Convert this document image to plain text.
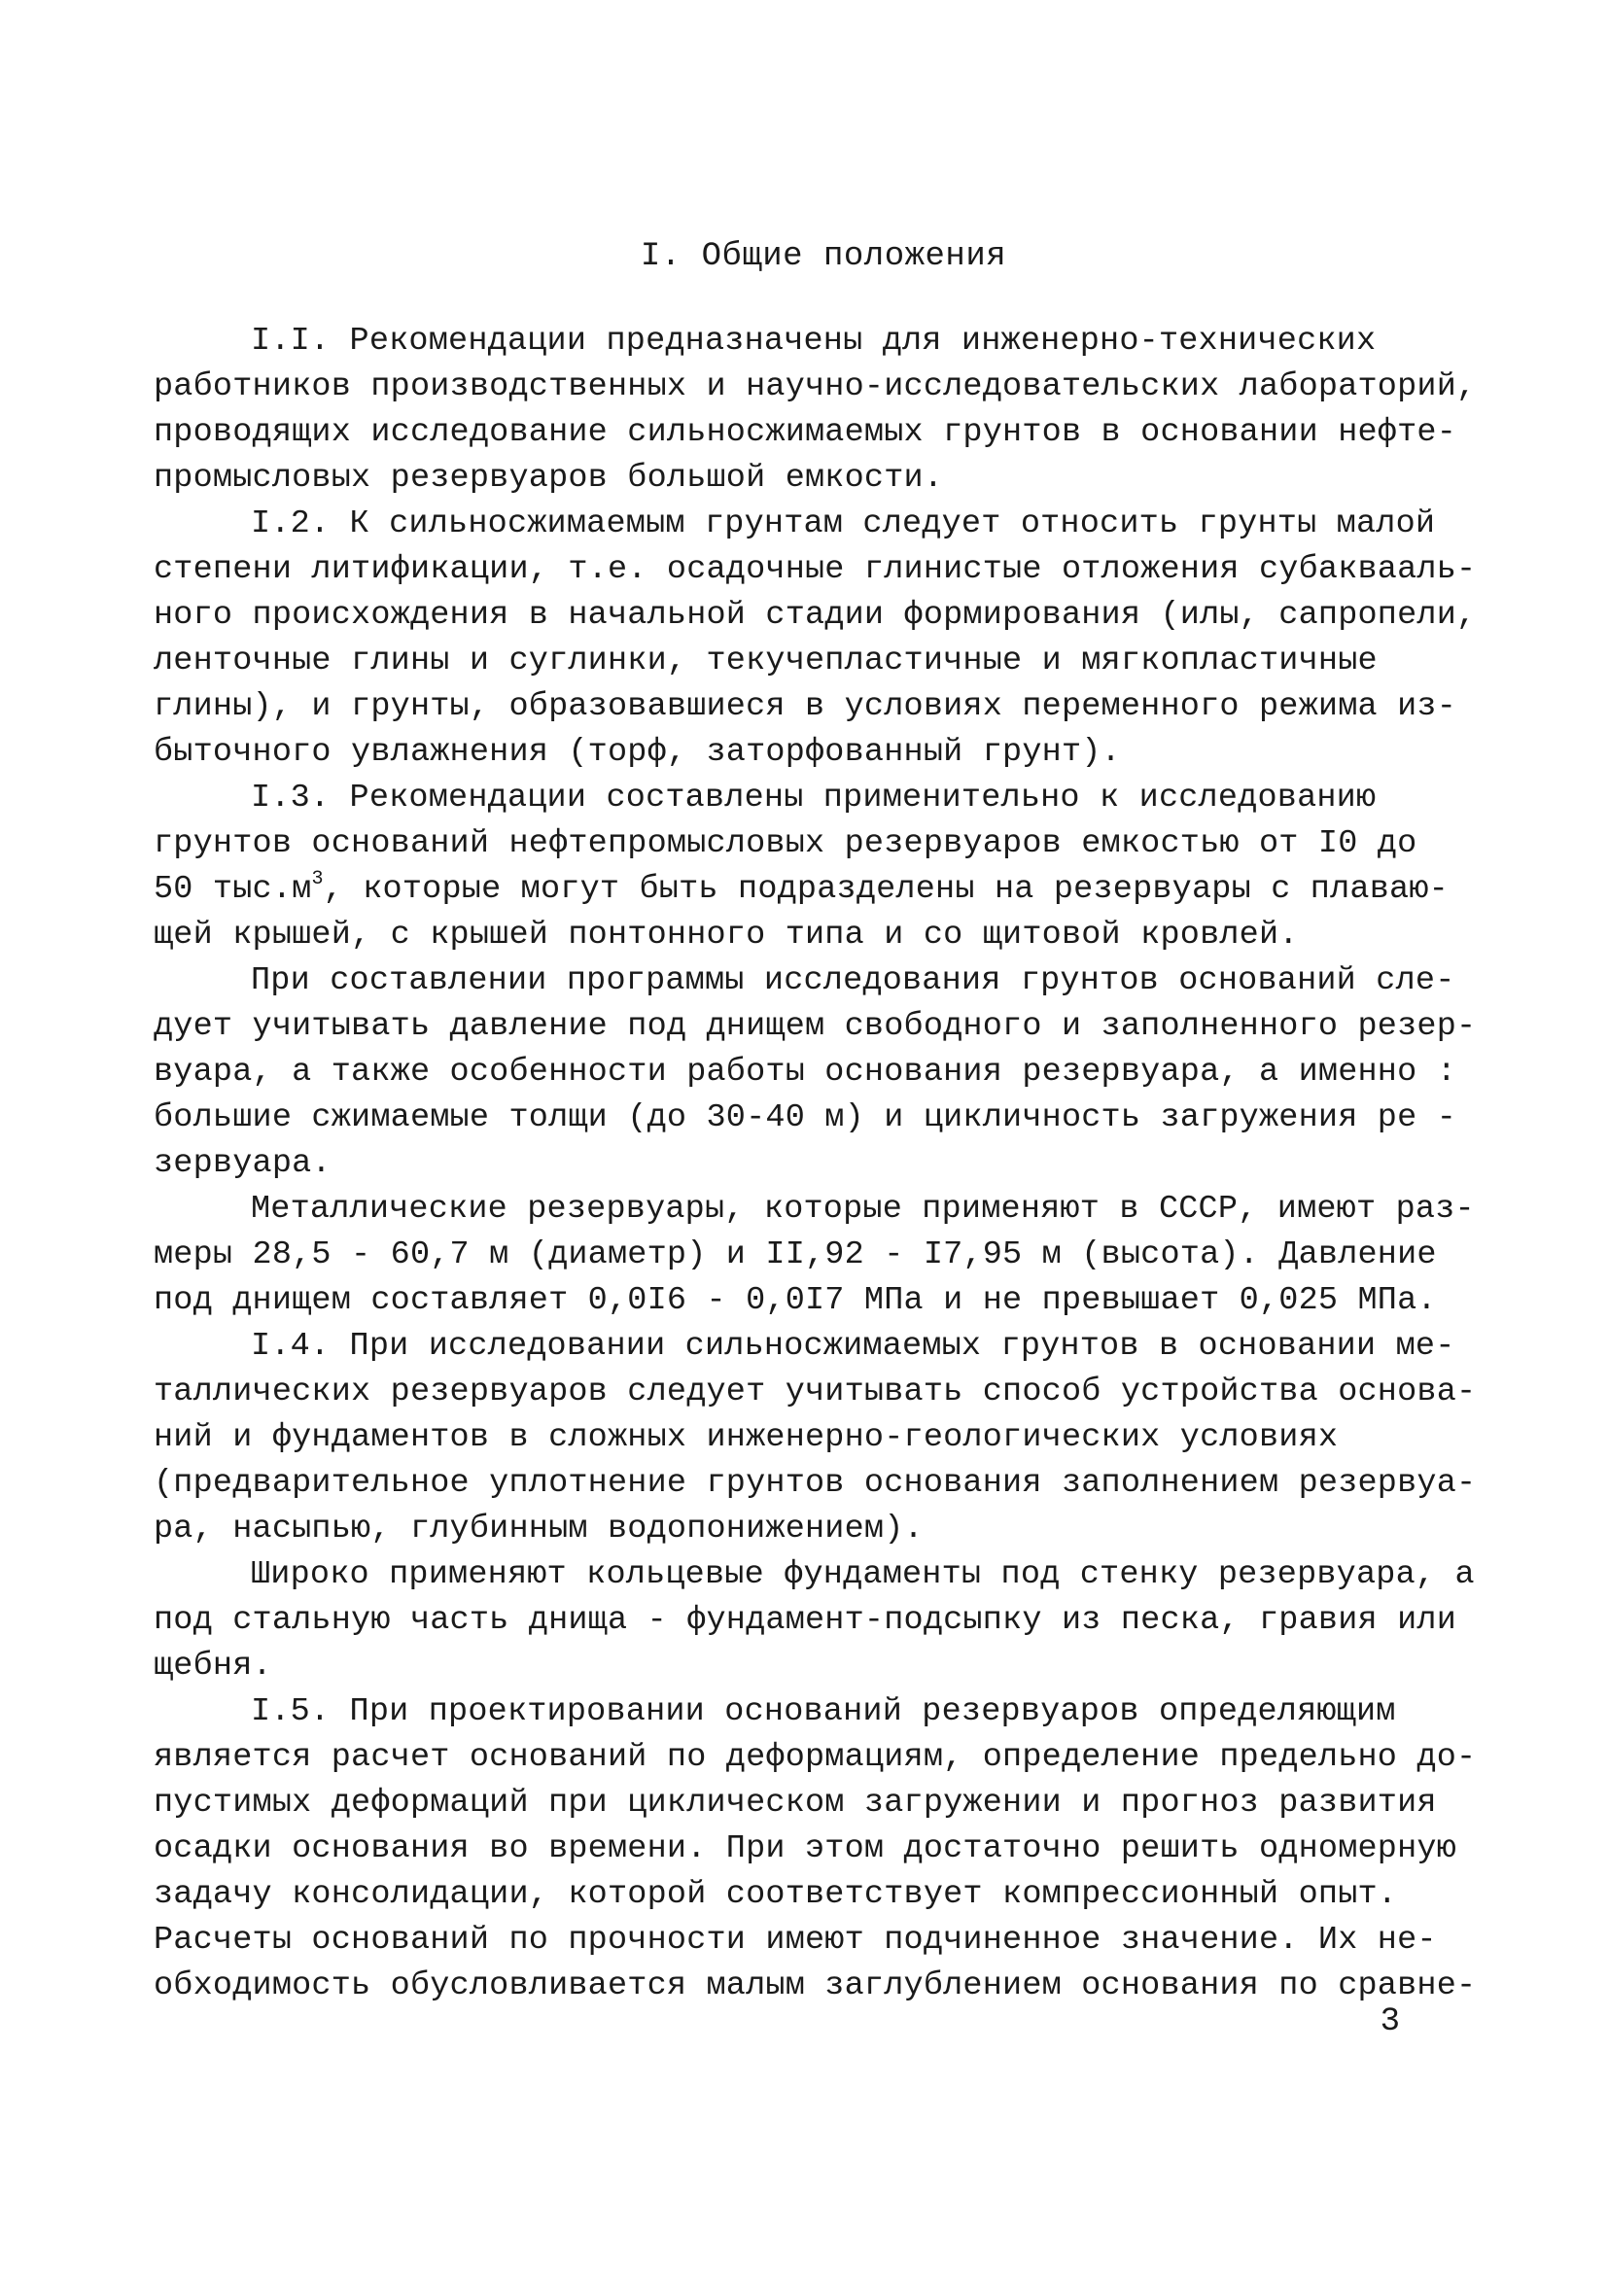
I. Общие положения
I.I. Рекомендации предназначены для инженерно-технических
работников производственных и научно-исследовательских лабораторий,
проводящих исследование сильносжимаемых грунтов в основании нефте-
промысловых резервуаров большой емкости.
I.2. К сильносжимаемым грунтам следует относить грунты малой
степени литификации, т.е. осадочные глинистые отложения субаквааль-
ного происхождения в начальной стадии формирования (илы, сапропели,
ленточные глины и суглинки, текучепластичные и мягкопластичные
глины), и грунты, образовавшиеся в условиях переменного режима из-
быточного увлажнения (торф, заторфованный грунт).
I.3. Рекомендации составлены применительно к исследованию
грунтов оснований нефтепромысловых резервуаров емкостью от I0 до
50 $тыс.м^3$, которые могут быть подразделены на резервуары с плаваю-
щей крышей, с крышей понтонного типа и со щитовой кровлей.
При составлении программы исследования грунтов оснований сле-
дует учитывать давление под днищем свободного и заполненного резер-
вуара, а также особенности работы основания резервуара, а именно :
большие сжимаемые толщи (до 30-40 м) и цикличность загружения ре -
зервуара.
Металлические резервуары, которые применяют в СССР, имеют раз-
меры 28,5 - 60,7 м (диаметр) и II,92 - I7,95 м (высота). Давление
под днищем составляет 0,0I6 - 0,0I7 МПа и не превышает 0,025 МПа.
I.4. При исследовании сильносжимаемых грунтов в основании ме-
таллических резервуаров следует учитывать способ устройства основа-
ний и фундаментов в сложных инженерно-геологических условиях
(предварительное уплотнение грунтов основания заполнением резервуа-
ра, насыпью, глубинным водопонижением).
Широко применяют кольцевые фундаменты под стенку резервуара, а
под стальную часть днища - фундамент-подсыпку из песка, гравия или
щебня.
I.5. При проектировании оснований резервуаров определяющим
является расчет оснований по деформациям, определение предельно до-
пустимых деформаций при циклическом загружении и прогноз развития
осадки основания во времени. При этом достаточно решить одномерную
задачу консолидации, которой соответствует компрессионный опыт.
Расчеты оснований по прочности имеют подчиненное значение. Их не-
обходимость обусловливается малым заглублением основания по сравне-
3
